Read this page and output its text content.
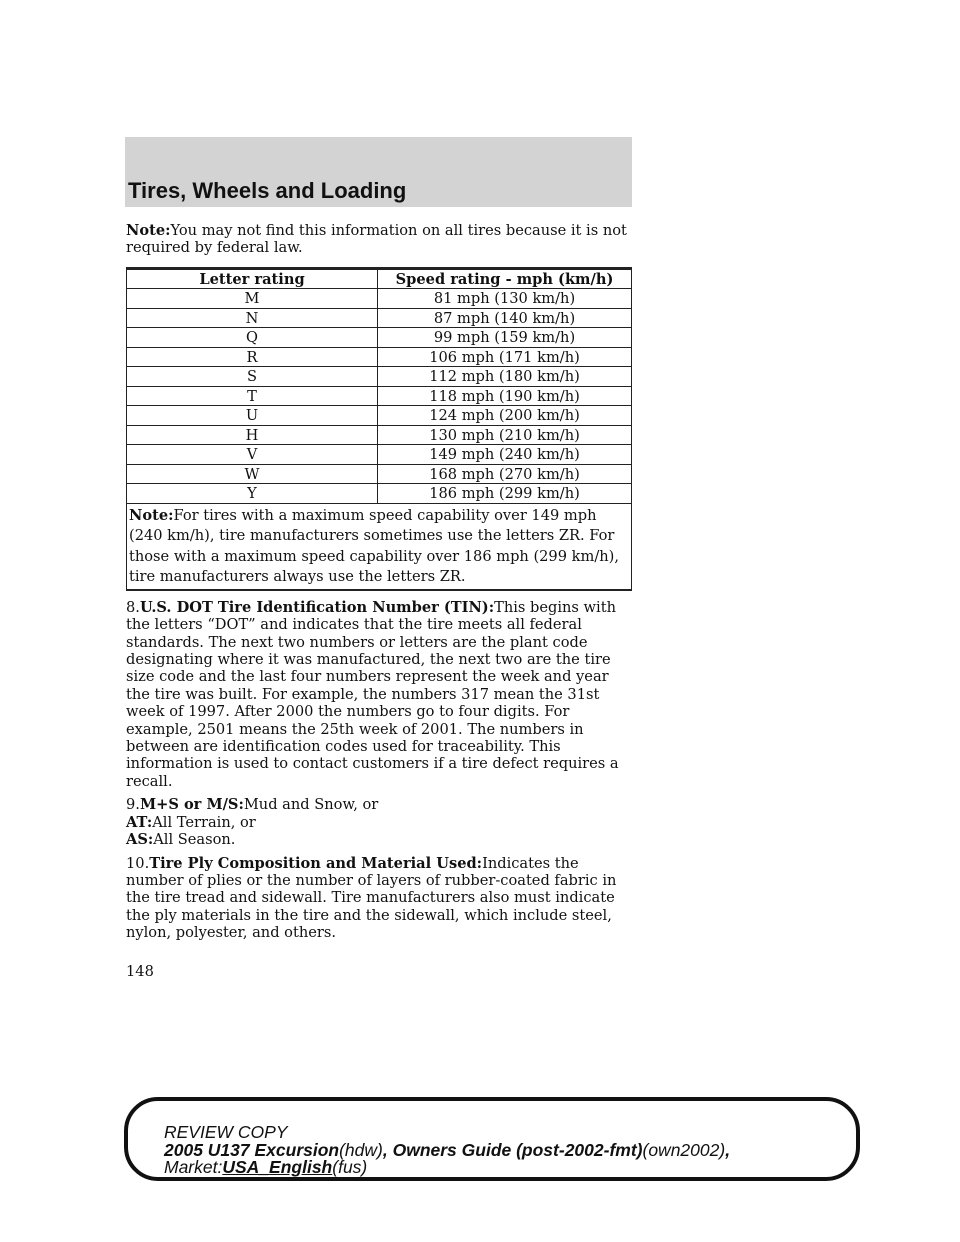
Tires, Wheels and Loading

Note:You may not find this information on all tires because it is not required by federal law.

Letter rating	Speed rating - mph (km/h)
M	81 mph (130 km/h)
N	87 mph (140 km/h)
Q	99 mph (159 km/h)
R	106 mph (171 km/h)
S	112 mph (180 km/h)
T	118 mph (190 km/h)
U	124 mph (200 km/h)
H	130 mph (210 km/h)
V	149 mph (240 km/h)
W	168 mph (270 km/h)
Y	186 mph (299 km/h)
Note:For tires with a maximum speed capability over 149 mph (240 km/h), tire manufacturers sometimes use the letters ZR. For those with a maximum speed capability over 186 mph (299 km/h), tire manufacturers always use the letters ZR.	

8.U.S. DOT Tire Identification Number (TIN):This begins with the letters “DOT” and indicates that the tire meets all federal standards. The next two numbers or letters are the plant code designating where it was manufactured, the next two are the tire size code and the last four numbers represent the week and year the tire was built. For example, the numbers 317 mean the 31st week of 1997. After 2000 the numbers go to four digits. For example, 2501 means the 25th week of 2001. The numbers in between are identification codes used for traceability. This information is used to contact customers if a tire defect requires a recall.

9.M+S or M/S:Mud and Snow, or

AT:All Terrain, or

AS:All Season.

10.Tire Ply Composition and Material Used:Indicates the number of plies or the number of layers of rubber-coated fabric in the tire tread and sidewall. Tire manufacturers also must indicate the ply materials in the tire and the sidewall, which include steel, nylon, polyester, and others.

148
REVIEW COPY
2005 U137 Excursion(hdw), Owners Guide (post-2002-fmt)(own2002),
Market:USA_English(fus)
